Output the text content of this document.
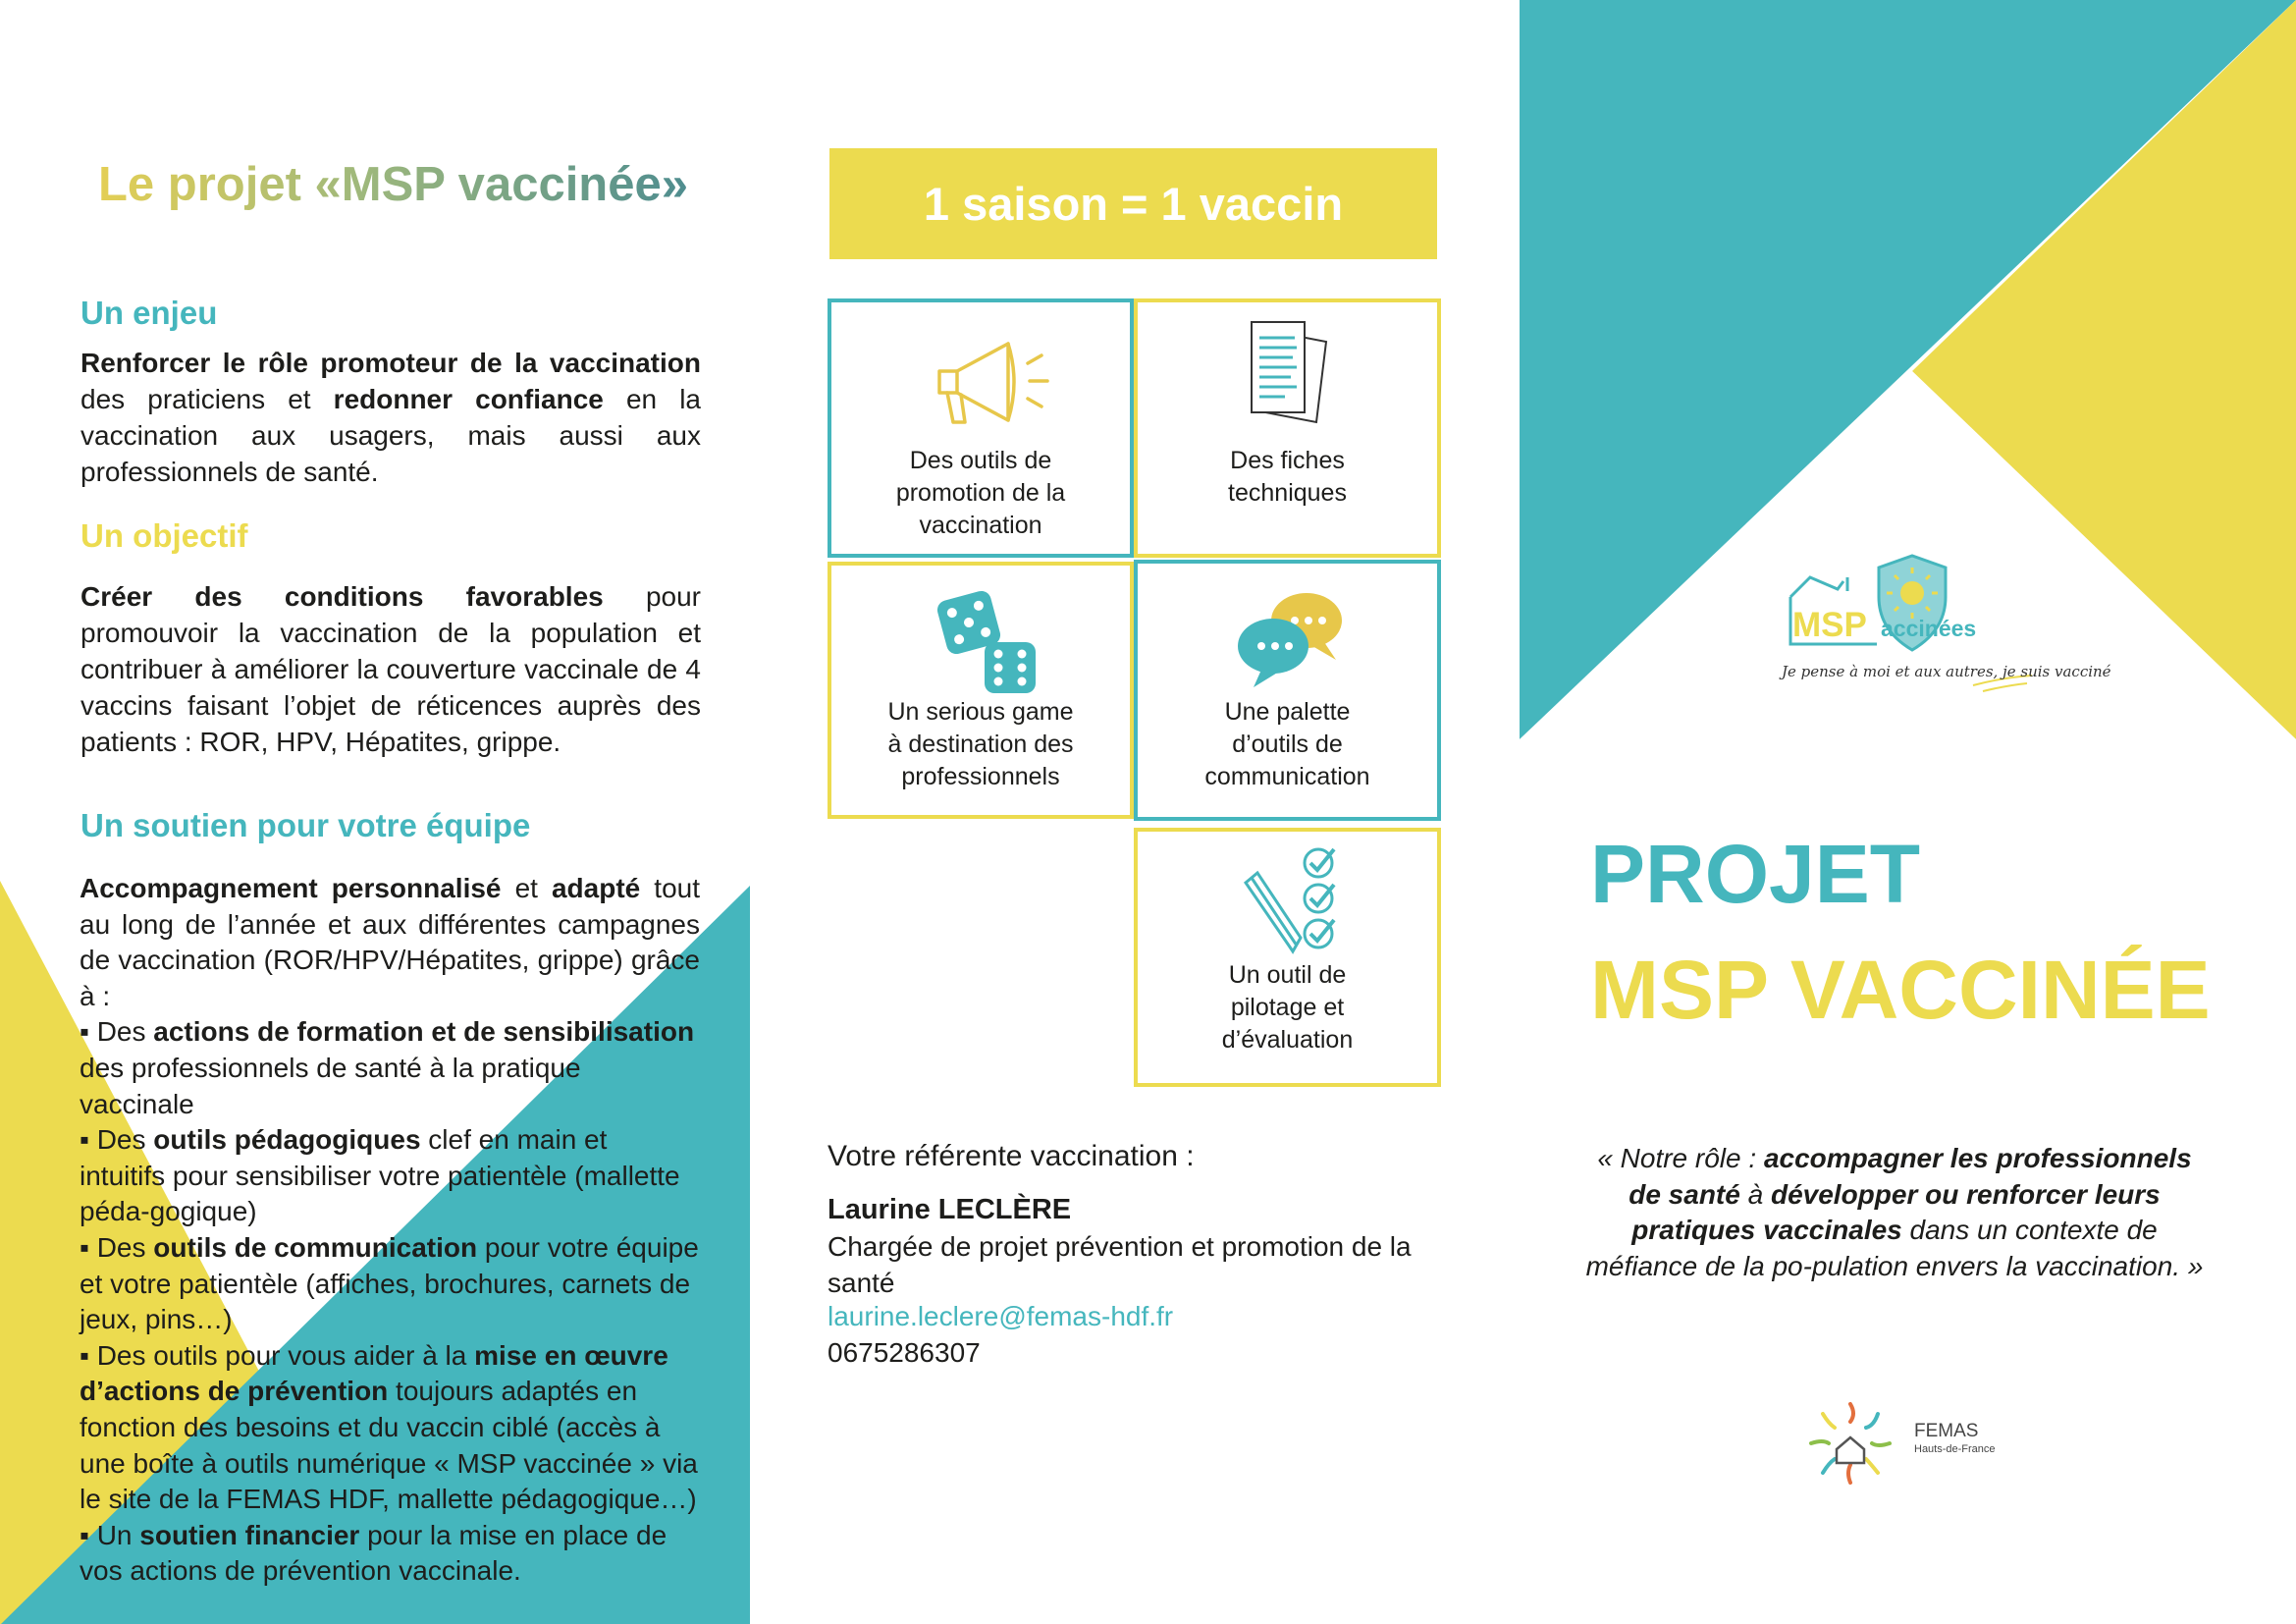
Le projet «MSP vaccinée»
Un enjeu
Renforcer le rôle promoteur de la vaccination des praticiens et redonner confiance en la vaccination aux usagers, mais aussi aux professionnels de santé.
Un objectif
Créer des conditions favorables pour promouvoir la vaccination de la population et contribuer à améliorer la couverture vaccinale de 4 vaccins faisant l’objet de réticences auprès des patients : ROR, HPV, Hépatites, grippe.
Un soutien pour votre équipe
Accompagnement personnalisé et adapté tout au long de l’année et aux différentes campagnes de vaccination (ROR/HPV/Hépatites, grippe) grâce à :
▪ Des actions de formation et de sensibilisation des professionnels de santé à la pratique vaccinale
▪ Des outils pédagogiques clef en main et intuitifs pour sensibiliser votre patientèle (mallette péda-gogique)
▪ Des outils de communication pour votre équipe et votre patientèle (affiches, brochures, carnets de jeux, pins…)
▪ Des outils pour vous aider à la mise en œuvre d’actions de prévention toujours adaptés en fonction des besoins et du vaccin ciblé (accès à une boîte à outils numérique « MSP vaccinée » via le site de la FEMAS HDF, mallette pédagogique…)
▪ Un soutien financier pour la mise en place de vos actions de prévention vaccinale.
1 saison = 1 vaccin
Des outils de
promotion de la
vaccination
Des fiches
techniques
Un serious game
à destination des
professionnels
Une palette
d’outils de
communication
Un outil de
pilotage et
d’évaluation
Votre référente vaccination :
Laurine LECLÈRE
Chargée de projet prévention et promotion de la santé
laurine.leclere@femas-hdf.fr
0675286307
MSP accinées
Je pense à moi et aux autres, je suis vacciné
PROJET
MSP VACCINÉE
« Notre rôle : accompagner les professionnels de santé à développer ou renforcer leurs pratiques vaccinales dans un contexte de méfiance de la po-pulation envers la vaccination. »
FEMAS
Hauts-de-France
